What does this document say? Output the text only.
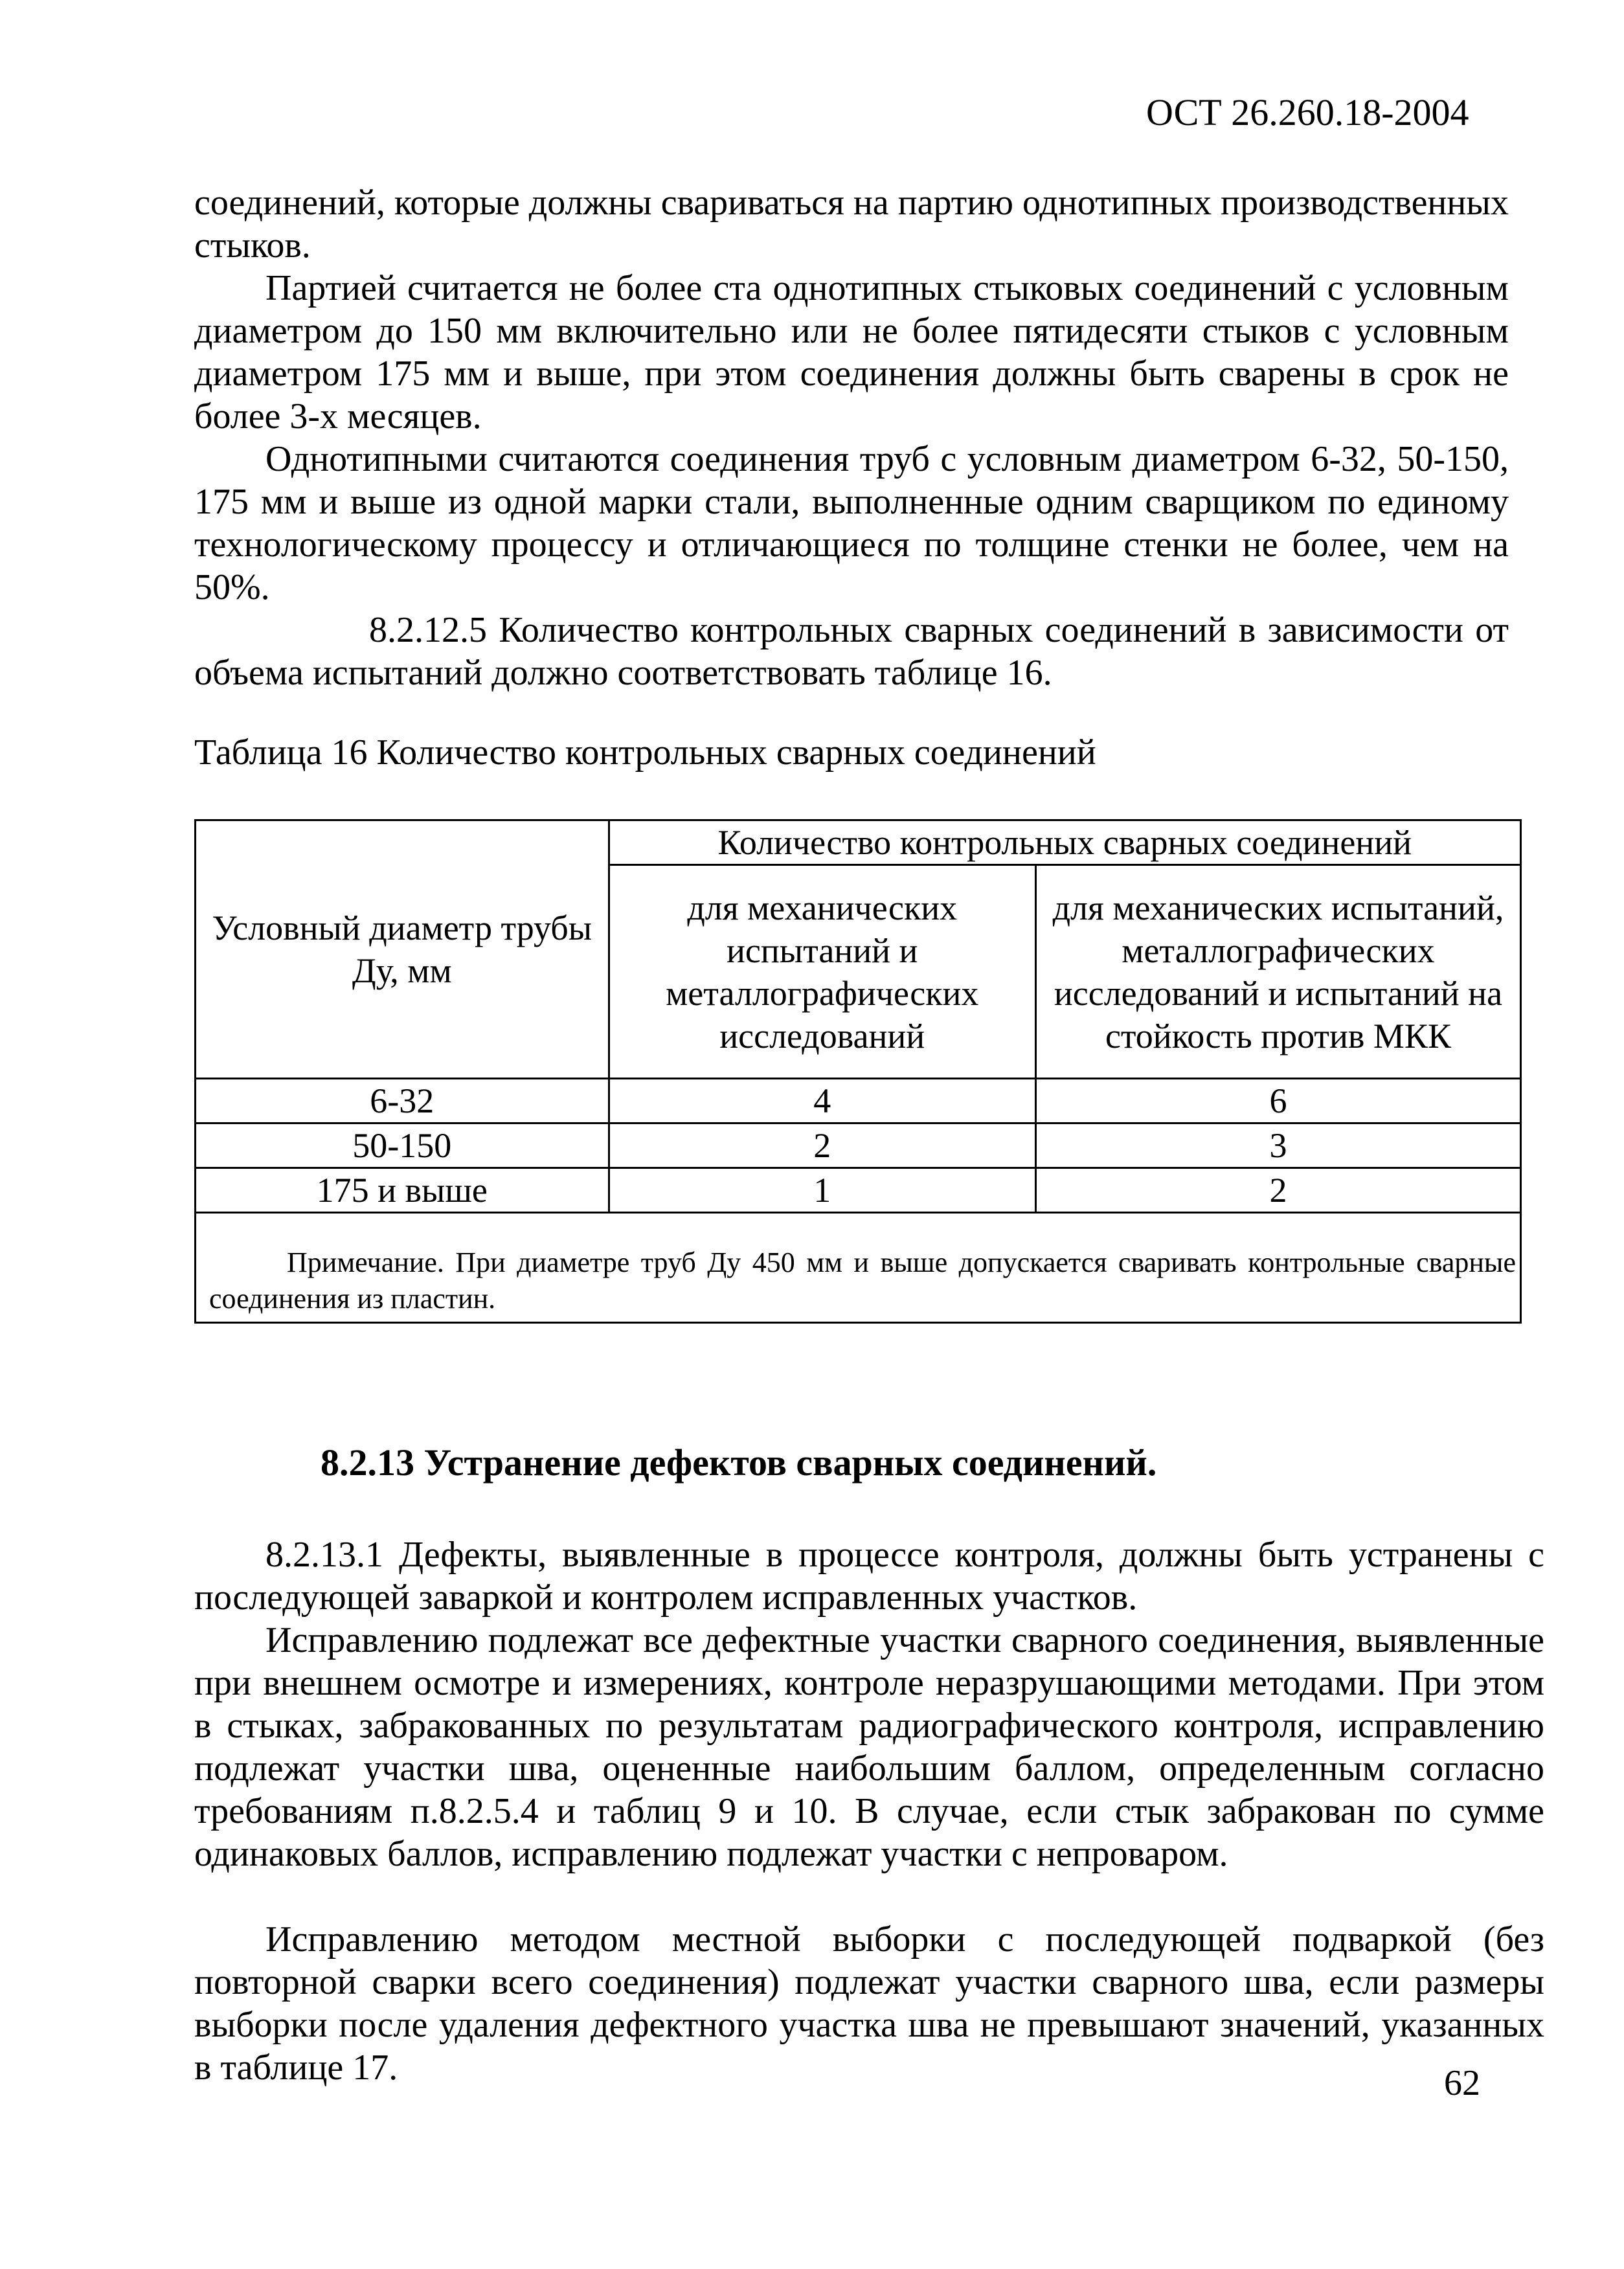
ОСТ 26.260.18-2004
соединений, которые должны свариваться на партию однотипных производственных стыков.
Партией считается не более ста однотипных стыковых соединений с условным диаметром до 150 мм включительно или не более пятидесяти стыков с условным диаметром 175 мм и выше, при этом соединения должны быть сварены в срок не более 3-х месяцев.
Однотипными считаются соединения труб с условным диаметром 6-32, 50-150, 175 мм и выше из одной марки стали, выполненные одним сварщиком по единому технологическому процессу и отличающиеся по толщине стенки не более, чем на 50%.
8.2.12.5 Количество контрольных сварных соединений в зависимости от объема испытаний должно соответствовать таблице 16.
Таблица 16 Количество контрольных сварных соединений
Условный диаметр трубы Ду, мм	Количество контрольных сварных соединений	
	для механических испытаний и металлографических исследований	для механических испытаний, металлографических исследований и испытаний на стойкость против МКК
6-32	4	6
50-150	2	3
175 и выше	1	2

Примечание. При диаметре труб Ду 450 мм и выше допускается сваривать контрольные сварные соединения из пластин.		
8.2.13 Устранение дефектов сварных соединений.
8.2.13.1 Дефекты, выявленные в процессе контроля, должны быть устранены с последующей заваркой и контролем исправленных участков.
Исправлению подлежат все дефектные участки сварного соединения, выявленные при внешнем осмотре и измерениях, контроле неразрушающими методами. При этом в стыках, забракованных по результатам радиографического контроля, исправлению подлежат участки шва, оцененные наибольшим баллом, определенным согласно требованиям п.8.2.5.4 и таблиц 9 и 10. В случае, если стык забракован по сумме одинаковых баллов, исправлению подлежат участки с непроваром.
Исправлению методом местной выборки с последующей подваркой (без повторной сварки всего соединения) подлежат участки сварного шва, если размеры выборки после удаления дефектного участка шва не превышают значений, указанных в таблице 17.	62
